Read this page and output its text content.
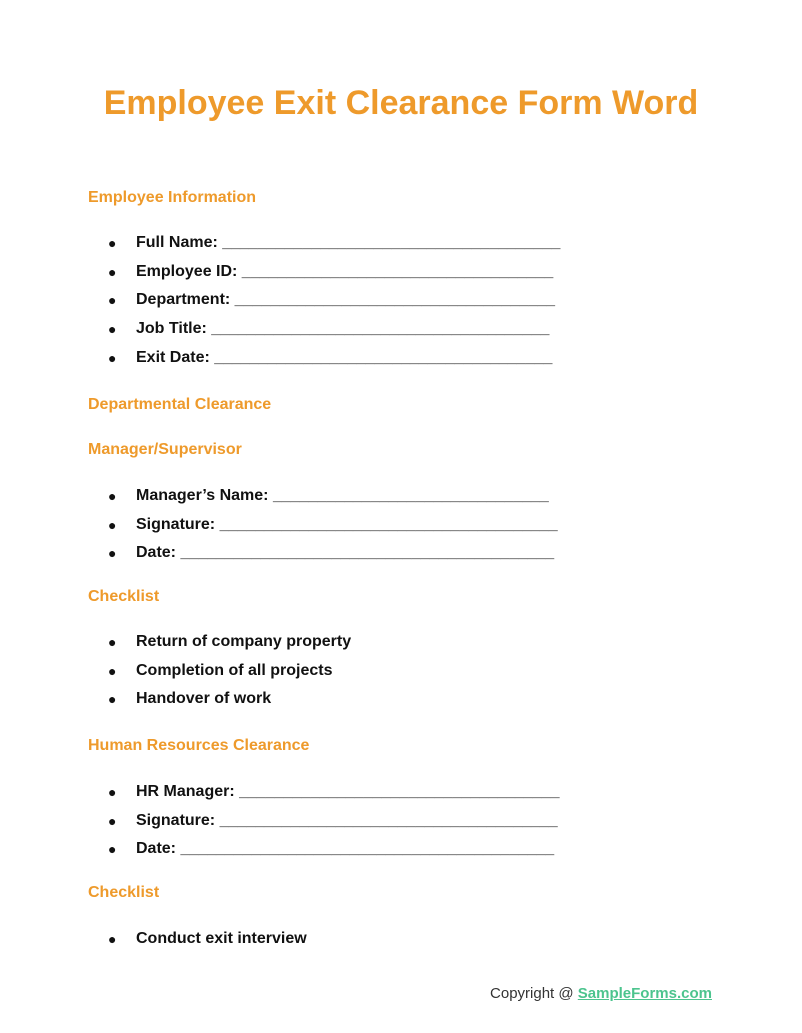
Employee Exit Clearance Form Word
Employee Information
● Full Name: ______________________________________
● Employee ID: ___________________________________
● Department: ____________________________________
● Job Title: ______________________________________
● Exit Date: ______________________________________
Departmental Clearance
Manager/Supervisor
● Manager’s Name: _______________________________
● Signature: ______________________________________
● Date: __________________________________________
Checklist
● Return of company property
● Completion of all projects
● Handover of work
Human Resources Clearance
● HR Manager: ____________________________________
● Signature: ______________________________________
● Date: __________________________________________
Checklist
● Conduct exit interview
Copyright @ SampleForms.com
